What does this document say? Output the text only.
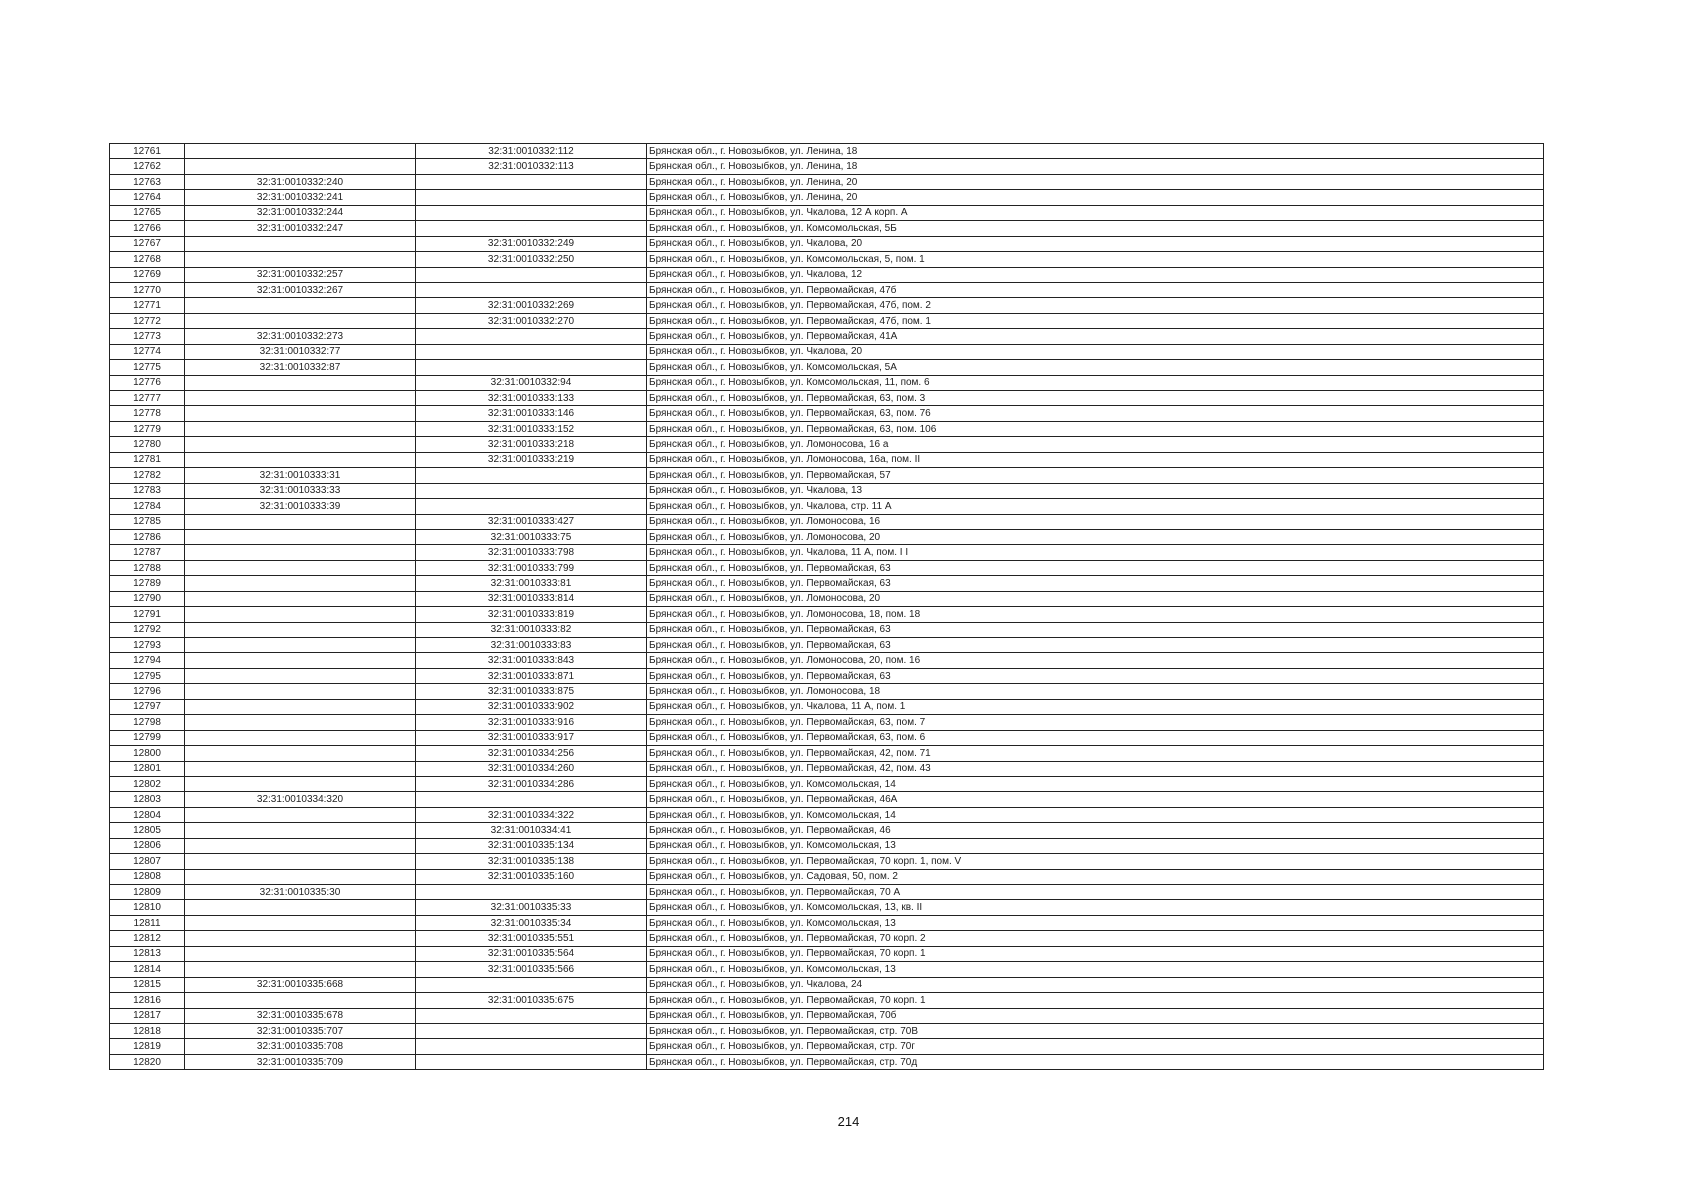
12761		32:31:0010332:112	Брянская обл., г. Новозыбков, ул. Ленина, 18
12762		32:31:0010332:113	Брянская обл., г. Новозыбков, ул. Ленина, 18
12763	32:31:0010332:240		Брянская обл., г. Новозыбков, ул. Ленина, 20
12764	32:31:0010332:241		Брянская обл., г. Новозыбков, ул. Ленина, 20
12765	32:31:0010332:244		Брянская обл., г. Новозыбков, ул. Чкалова, 12 А корп. А
12766	32:31:0010332:247		Брянская обл., г. Новозыбков, ул. Комсомольская, 5Б
12767		32:31:0010332:249	Брянская обл., г. Новозыбков, ул. Чкалова, 20
12768		32:31:0010332:250	Брянская обл., г. Новозыбков, ул. Комсомольская, 5, пом. 1
12769	32:31:0010332:257		Брянская обл., г. Новозыбков, ул. Чкалова, 12
12770	32:31:0010332:267		Брянская обл., г. Новозыбков, ул. Первомайская, 47б
12771		32:31:0010332:269	Брянская обл., г. Новозыбков, ул. Первомайская, 47б, пом. 2
12772		32:31:0010332:270	Брянская обл., г. Новозыбков, ул. Первомайская, 47б, пом. 1
12773	32:31:0010332:273		Брянская обл., г. Новозыбков, ул. Первомайская, 41А
12774	32:31:0010332:77		Брянская обл., г. Новозыбков, ул. Чкалова, 20
12775	32:31:0010332:87		Брянская обл., г. Новозыбков, ул. Комсомольская, 5А
12776		32:31:0010332:94	Брянская обл., г. Новозыбков, ул. Комсомольская, 11, пом. 6
12777		32:31:0010333:133	Брянская обл., г. Новозыбков, ул. Первомайская, 63, пом. 3
12778		32:31:0010333:146	Брянская обл., г. Новозыбков, ул. Первомайская, 63, пом. 76
12779		32:31:0010333:152	Брянская обл., г. Новозыбков, ул. Первомайская, 63, пом. 106
12780		32:31:0010333:218	Брянская обл., г. Новозыбков, ул. Ломоносова, 16 а
12781		32:31:0010333:219	Брянская обл., г. Новозыбков, ул. Ломоносова, 16а, пом. II
12782	32:31:0010333:31		Брянская обл., г. Новозыбков, ул. Первомайская, 57
12783	32:31:0010333:33		Брянская обл., г. Новозыбков, ул. Чкалова, 13
12784	32:31:0010333:39		Брянская обл., г. Новозыбков, ул. Чкалова, стр. 11 А
12785		32:31:0010333:427	Брянская обл., г. Новозыбков, ул. Ломоносова, 16
12786		32:31:0010333:75	Брянская обл., г. Новозыбков, ул. Ломоносова, 20
12787		32:31:0010333:798	Брянская обл., г. Новозыбков, ул. Чкалова, 11 А, пом. I I
12788		32:31:0010333:799	Брянская обл., г. Новозыбков, ул. Первомайская, 63
12789		32:31:0010333:81	Брянская обл., г. Новозыбков, ул. Первомайская, 63
12790		32:31:0010333:814	Брянская обл., г. Новозыбков, ул. Ломоносова, 20
12791		32:31:0010333:819	Брянская обл., г. Новозыбков, ул. Ломоносова, 18, пом. 18
12792		32:31:0010333:82	Брянская обл., г. Новозыбков, ул. Первомайская, 63
12793		32:31:0010333:83	Брянская обл., г. Новозыбков, ул. Первомайская, 63
12794		32:31:0010333:843	Брянская обл., г. Новозыбков, ул. Ломоносова, 20, пом. 16
12795		32:31:0010333:871	Брянская обл., г. Новозыбков, ул. Первомайская, 63
12796		32:31:0010333:875	Брянская обл., г. Новозыбков, ул. Ломоносова, 18
12797		32:31:0010333:902	Брянская обл., г. Новозыбков, ул. Чкалова, 11 А, пом. 1
12798		32:31:0010333:916	Брянская обл., г. Новозыбков, ул. Первомайская, 63, пом. 7
12799		32:31:0010333:917	Брянская обл., г. Новозыбков, ул. Первомайская, 63, пом. 6
12800		32:31:0010334:256	Брянская обл., г. Новозыбков, ул. Первомайская, 42, пом. 71
12801		32:31:0010334:260	Брянская обл., г. Новозыбков, ул. Первомайская, 42, пом. 43
12802		32:31:0010334:286	Брянская обл., г. Новозыбков, ул. Комсомольская, 14
12803	32:31:0010334:320		Брянская обл., г. Новозыбков, ул. Первомайская, 46А
12804		32:31:0010334:322	Брянская обл., г. Новозыбков, ул. Комсомольская, 14
12805		32:31:0010334:41	Брянская обл., г. Новозыбков, ул. Первомайская, 46
12806		32:31:0010335:134	Брянская обл., г. Новозыбков, ул. Комсомольская, 13
12807		32:31:0010335:138	Брянская обл., г. Новозыбков, ул. Первомайская, 70 корп. 1, пом. V
12808		32:31:0010335:160	Брянская обл., г. Новозыбков, ул. Садовая, 50, пом. 2
12809	32:31:0010335:30		Брянская обл., г. Новозыбков, ул. Первомайская, 70 А
12810		32:31:0010335:33	Брянская обл., г. Новозыбков, ул. Комсомольская, 13, кв. II
12811		32:31:0010335:34	Брянская обл., г. Новозыбков, ул. Комсомольская, 13
12812		32:31:0010335:551	Брянская обл., г. Новозыбков, ул. Первомайская, 70 корп. 2
12813		32:31:0010335:564	Брянская обл., г. Новозыбков, ул. Первомайская, 70 корп. 1
12814		32:31:0010335:566	Брянская обл., г. Новозыбков, ул. Комсомольская, 13
12815	32:31:0010335:668		Брянская обл., г. Новозыбков, ул. Чкалова, 24
12816		32:31:0010335:675	Брянская обл., г. Новозыбков, ул. Первомайская, 70 корп. 1
12817	32:31:0010335:678		Брянская обл., г. Новозыбков, ул. Первомайская, 70б
12818	32:31:0010335:707		Брянская обл., г. Новозыбков, ул. Первомайская, стр. 70В
12819	32:31:0010335:708		Брянская обл., г. Новозыбков, ул. Первомайская, стр. 70г
12820	32:31:0010335:709		Брянская обл., г. Новозыбков, ул. Первомайская, стр. 70д
214
